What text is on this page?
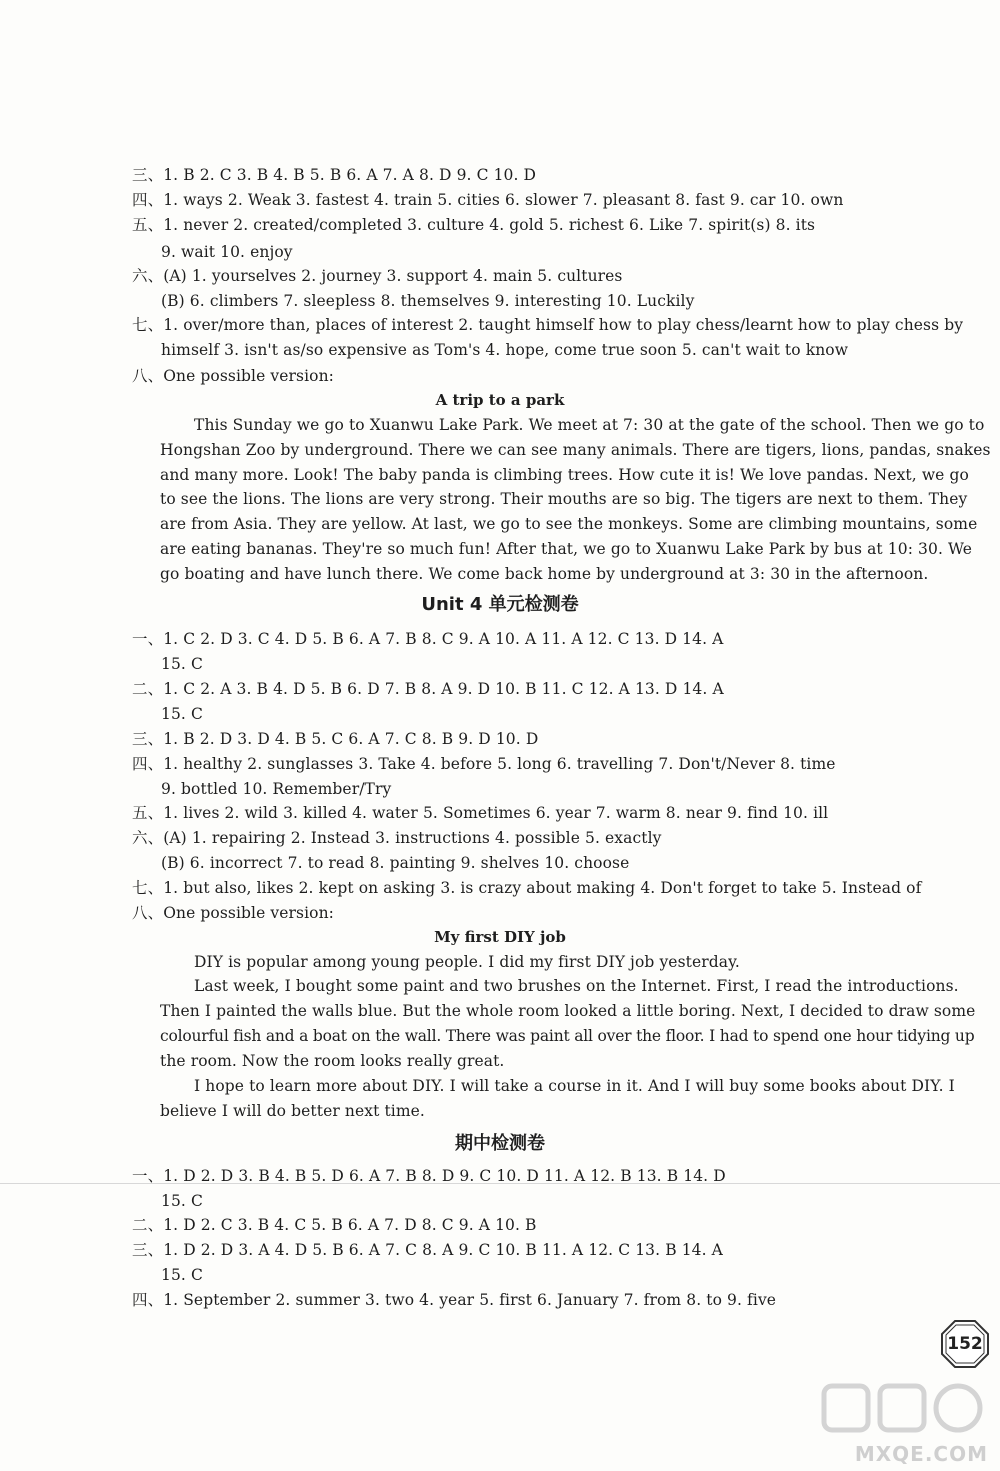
三、1. B 2. C 3. B 4. B 5. B 6. A 7. A 8. D 9. C 10. D
四、1. ways 2. Weak 3. fastest 4. train 5. cities 6. slower 7. pleasant 8. fast 9. car 10. own
五、1. never 2. created/completed 3. culture 4. gold 5. richest 6. Like 7. spirit(s) 8. its
9. wait 10. enjoy
六、(A) 1. yourselves 2. journey 3. support 4. main 5. cultures
(B) 6. climbers 7. sleepless 8. themselves 9. interesting 10. Luckily
七、1. over/more than, places of interest 2. taught himself how to play chess/learnt how to play chess by
himself 3. isn't as/so expensive as Tom's 4. hope, come true soon 5. can't wait to know
八、One possible version:
A trip to a park
This Sunday we go to Xuanwu Lake Park. We meet at 7: 30 at the gate of the school. Then we go to
Hongshan Zoo by underground. There we can see many animals. There are tigers, lions, pandas, snakes
and many more. Look! The baby panda is climbing trees. How cute it is! We love pandas. Next, we go
to see the lions. The lions are very strong. Their mouths are so big. The tigers are next to them. They
are from Asia. They are yellow. At last, we go to see the monkeys. Some are climbing mountains, some
are eating bananas. They're so much fun! After that, we go to Xuanwu Lake Park by bus at 10: 30. We
go boating and have lunch there. We come back home by underground at 3: 30 in the afternoon.
Unit 4 单元检测卷
一、1. C 2. D 3. C 4. D 5. B 6. A 7. B 8. C 9. A 10. A 11. A 12. C 13. D 14. A
15. C
二、1. C 2. A 3. B 4. D 5. B 6. D 7. B 8. A 9. D 10. B 11. C 12. A 13. D 14. A
15. C
三、1. B 2. D 3. D 4. B 5. C 6. A 7. C 8. B 9. D 10. D
四、1. healthy 2. sunglasses 3. Take 4. before 5. long 6. travelling 7. Don't/Never 8. time
9. bottled 10. Remember/Try
五、1. lives 2. wild 3. killed 4. water 5. Sometimes 6. year 7. warm 8. near 9. find 10. ill
六、(A) 1. repairing 2. Instead 3. instructions 4. possible 5. exactly
(B) 6. incorrect 7. to read 8. painting 9. shelves 10. choose
七、1. but also, likes 2. kept on asking 3. is crazy about making 4. Don't forget to take 5. Instead of
八、One possible version:
My first DIY job
DIY is popular among young people. I did my first DIY job yesterday.
Last week, I bought some paint and two brushes on the Internet. First, I read the introductions.
Then I painted the walls blue. But the whole room looked a little boring. Next, I decided to draw some
colourful fish and a boat on the wall. There was paint all over the floor. I had to spend one hour tidying up
the room. Now the room looks really great.
I hope to learn more about DIY. I will take a course in it. And I will buy some books about DIY. I
believe I will do better next time.
期中检测卷
一、1. D 2. D 3. B 4. B 5. D 6. A 7. B 8. D 9. C 10. D 11. A 12. B 13. B 14. D
15. C
二、1. D 2. C 3. B 4. C 5. B 6. A 7. D 8. C 9. A 10. B
三、1. D 2. D 3. A 4. D 5. B 6. A 7. C 8. A 9. C 10. B 11. A 12. C 13. B 14. A
15. C
四、1. September 2. summer 3. two 4. year 5. first 6. January 7. from 8. to 9. five
152
MXQE.COM
